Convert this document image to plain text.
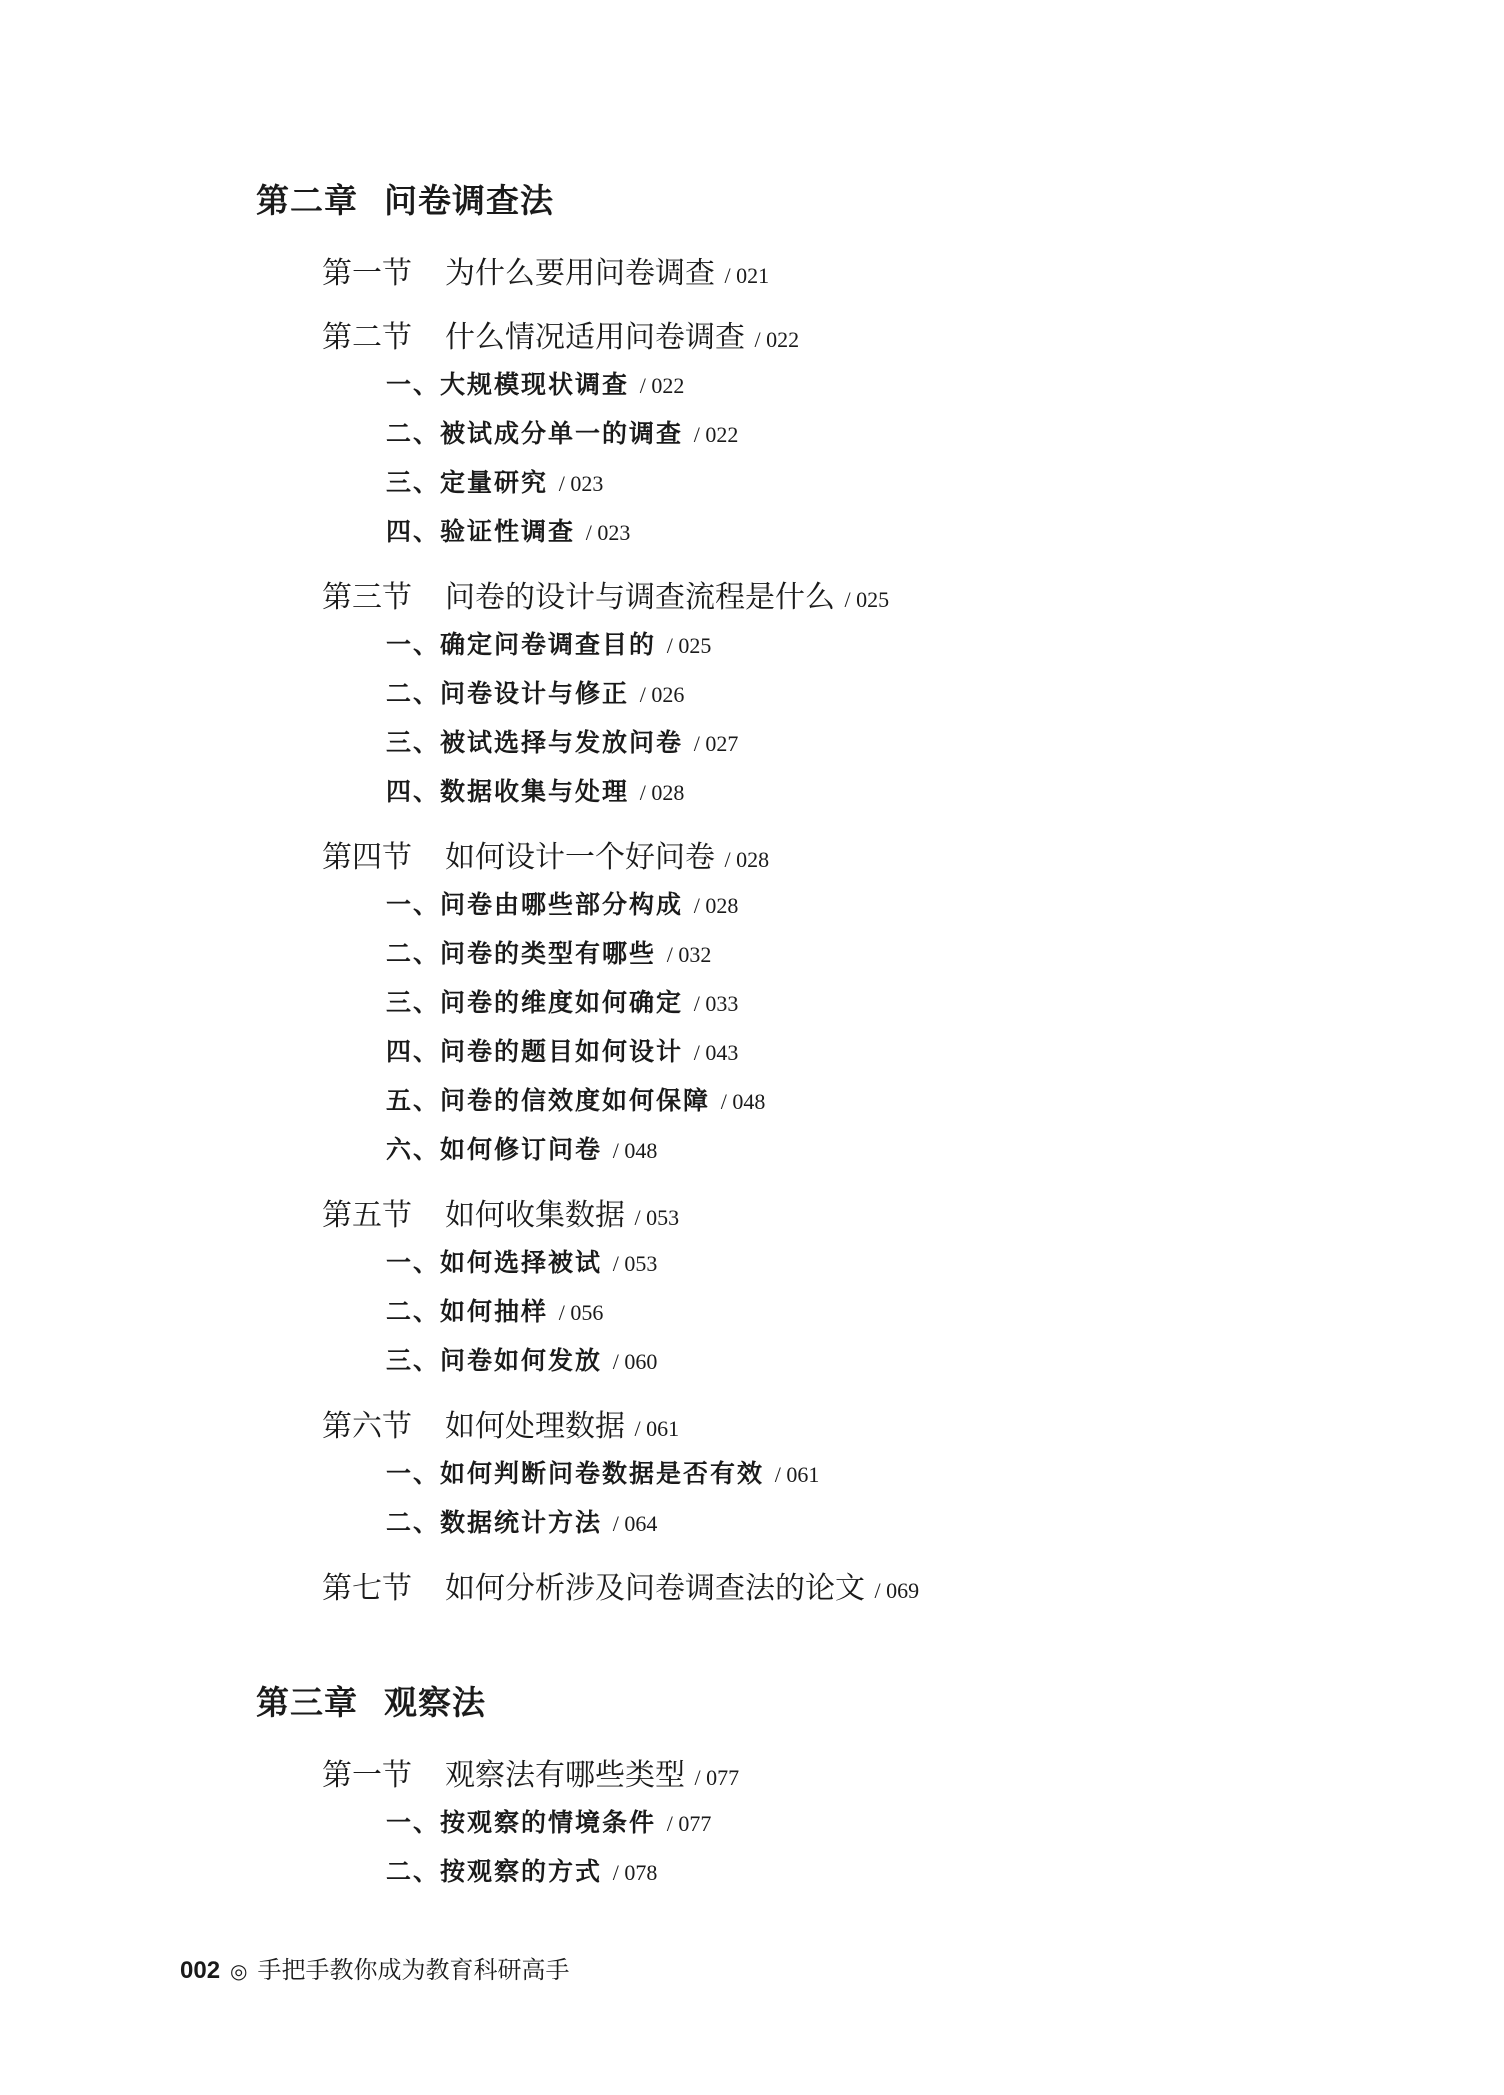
第二章 问卷调查法
第一节 为什么要用问卷调查 / 021
第二节 什么情况适用问卷调查 / 022
一、大规模现状调查 / 022
二、被试成分单一的调查 / 022
三、定量研究 / 023
四、验证性调查 / 023
第三节 问卷的设计与调查流程是什么 / 025
一、确定问卷调查目的 / 025
二、问卷设计与修正 / 026
三、被试选择与发放问卷 / 027
四、数据收集与处理 / 028
第四节 如何设计一个好问卷 / 028
一、问卷由哪些部分构成 / 028
二、问卷的类型有哪些 / 032
三、问卷的维度如何确定 / 033
四、问卷的题目如何设计 / 043
五、问卷的信效度如何保障 / 048
六、如何修订问卷 / 048
第五节 如何收集数据 / 053
一、如何选择被试 / 053
二、如何抽样 / 056
三、问卷如何发放 / 060
第六节 如何处理数据 / 061
一、如何判断问卷数据是否有效 / 061
二、数据统计方法 / 064
第七节 如何分析涉及问卷调查法的论文 / 069
第三章 观察法
第一节 观察法有哪些类型 / 077
一、按观察的情境条件 / 077
二、按观察的方式 / 078
002 ◎ 手把手教你成为教育科研高手
